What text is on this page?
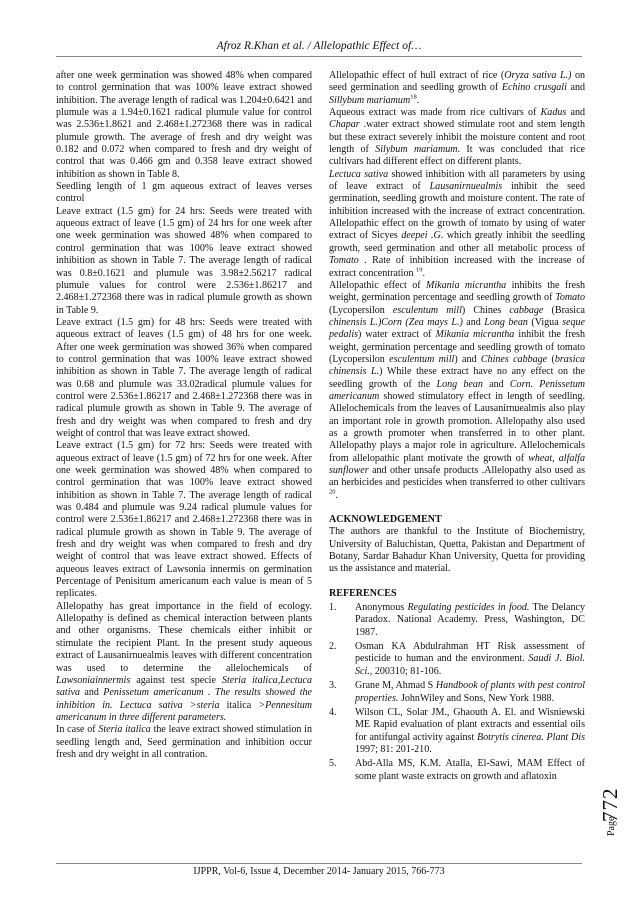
Afroz R.Khan et al. / Allelopathic Effect of…

after one week germination was showed 48% when compared to control germination that was 100% leave extract showed inhibition. The average length of radical was 1.204±0.6421 and plumule was a 1.94±0.1621 radical plumule value for control was 2.536±1.8621 and 2.468±1.272368 there was in radical plumule growth. The average of fresh and dry weight was 0.182 and 0.072 when compared to fresh and dry weight of control that was 0.466 gm and 0.358 leave extract showed inhibition as shown in Table 8.

Seedling length of 1 gm aqueous extract of leaves verses control

Leave extract (1.5 gm) for 24 hrs: Seeds were treated with aqueous extract of leave (1.5 gm) of 24 hrs for one week after one week germination was showed 48% when compared to control germination that was 100% leave extract showed inhibition as shown in Table 7. The average length of radical was 0.8±0.1621 and plumule was 3.98±2.56217 radical plumule values for control were 2.536±1.86217 and 2.468±1.272368 there was in radical plumule growth as shown in Table 9.

Leave extract (1.5 gm) for 48 hrs: Seeds were treated with aqueous extract of leaves (1.5 gm) of 48 hrs for one week. After one week germination was showed 36% when compared to control germination that was 100% leave extract showed inhibition as shown in Table 7. The average length of radical was 0.68 and plumule was 33.02radical plumule values for control were 2.536±1.86217 and 2.468±1.272368 there was in radical plumule growth as shown in Table 9. The average of fresh and dry weight was when compared to fresh and dry weight of control that was leave extract showed.

Leave extract (1.5 gm) for 72 hrs: Seeds were treated with aqueous extract of leave (1.5 gm) of 72 hrs for one week. After one week germination was showed 48% when compared to control germination that was 100% leave extract showed inhibition as shown in Table 7. The average length of radical was 0.484 and plumule was 9.24 radical plumule values for control were 2.536±1.86217 and 2.468±1.272368 there was in radical plumule growth as shown in Table 9. The average of fresh and dry weight was when compared to fresh and dry weight of control that was leave extract showed. Effects of aqueous leaves extract of Lawsonia innermis on germination Percentage of Penisitum americanum each value is mean of 5 replicates.

Allelopathy has great importance in the field of ecology. Allelopathy is defined as chemical interaction between plants and other organisms. These chemicals either inhibit or stimulate the recipient Plant. In the present study aqueous extract of Lausanirnuealmis leaves with different concentration was used to determine the allelochemicals of Lawsoniainnermis against test specie Steria italica,Lectuca sativa and Penissetum americanum . The results showed the inhibition in. Lectuca sativa >steria italica >Pennesitum americanum in three different parameters.

In case of Steria italica the leave extract showed stimulation in seedling length and, Seed germination and inhibition occur fresh and dry weight in all contration.

Allelopathic effect of hull extract of rice (Oryza sativa L.) on seed germination and seedling growth of Echino crusgali and Sillybum mariamum$^{18}$.

Aqueous extract was made from rice cultivars of Kadus and Chapar .water extract showed stimulate root and stem length but these extract severely inhibit the moisture content and root length of Silybum mariamum. It was concluded that rice cultivars had different effect on different plants.

Lectuca sativa showed inhibition with all parameters by using of leave extract of Lausanirnuealmis inhibit the seed germination, seedling growth and moisture content. The rate of inhibition increased with the increase of extract concentration. Allelopathic effect on the growth of tomato by using of water extract of Sicyes deepei .G. which greatly inhibit the seedling growth, seed germination and other all metabolic process of Tomato . Rate of inhibition increased with the increase of extract concentration $^{19}$.

Allelopathic effect of Mikania micrantha inhibits the fresh weight, germination percentage and seedling growth of Tomato (Lycopersilon esculentum mill) Chines cabbage (Brasica chinensis L.)Corn (Zea mays L.) and Long bean (Vigua seque pedalis) water extract of Mikania micrantha inhibit the fresh weight, germination percentage and seedling growth of tomato (Lycopersilon esculentum mill) and Chines cabbage (brasica chinensis L.) While these extract have no any effect on the seedling growth of the Long bean and Corn. Penissetum americanum showed stimulatory effect in length of seedling. Allelochemicals from the leaves of Lausanirnuealmis also play an important role in growth promotion. Allelopathy also used as a growth promoter when transferred in to other plant. Allelopathy plays a major role in agriculture. Allelochemicals from allelopathic plant motivate the growth of wheat, alfalfa sunflower and other unsafe products .Allelopathy also used as an herbicides and pesticides when transferred to other cultivars $^{20}$.

ACKNOWLEDGEMENT

The authors are thankful to the Institute of Biochemistry, University of Baluchistan, Quetta, Pakistan and Department of Botany, Sardar Bahadur Khan University, Quetta for providing us the assistance and material.

REFERENCES

1. Anonymous Regulating pesticides in food. The Delancy Paradox. National Academy. Press, Washington, DC 1987.
2. Osman KA Abdulrahman HT Risk assessment of pesticide to human and the environment. Saudi J. Biol. Sci., 200310; 81-106.
3. Grane M, Ahmad S Handbook of plants with pest control properties. JohnWiley and Sons, New York 1988.
4. Wilson CL, Solar JM., Ghaouth A. El. and Wisniewski ME Rapid evaluation of plant extracts and essential oils for antifungal activity against Botrytis cinerea. Plant Dis 1997; 81: 201-210.
5. Abd-Alla MS, K.M. Atalla, El-Sawi, MAM Effect of some plant waste extracts on growth and aflatoxin
Page
772
IJPPR, Vol-6, Issue 4, December 2014- January 2015, 766-773
